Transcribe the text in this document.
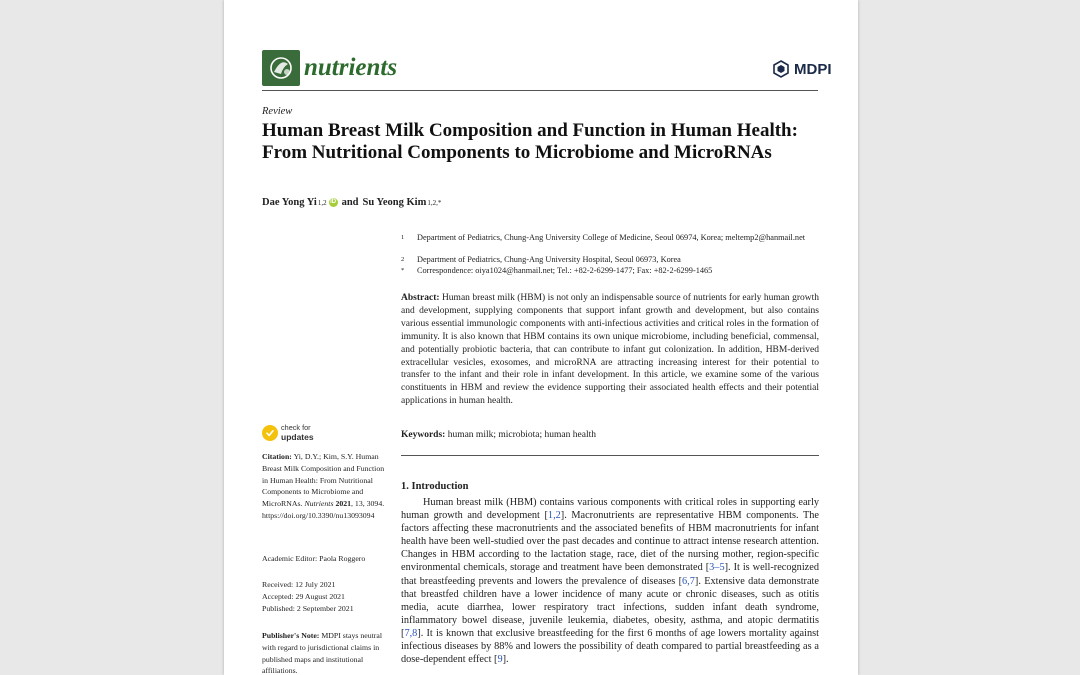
nutrients	MDPI
Review
Human Breast Milk Composition and Function in Human Health: From Nutritional Components to Microbiome and MicroRNAs
Dae Yong Yi 1,2 iD and Su Yeong Kim 1,2,*
1 Department of Pediatrics, Chung-Ang University College of Medicine, Seoul 06974, Korea; meltemp2@hanmail.net
2 Department of Pediatrics, Chung-Ang University Hospital, Seoul 06973, Korea
* Correspondence: oiya1024@hanmail.net; Tel.: +82-2-6299-1477; Fax: +82-2-6299-1465
Abstract: Human breast milk (HBM) is not only an indispensable source of nutrients for early human growth and development, supplying components that support infant growth and development, but also contains various essential immunologic components with anti-infectious activities and critical roles in the formation of immunity. It is also known that HBM contains its own unique microbiome, including beneficial, commensal, and potentially probiotic bacteria, that can contribute to infant gut colonization. In addition, HBM-derived extracellular vesicles, exosomes, and microRNA are attracting increasing interest for their potential to transfer to the infant and their role in infant development. In this article, we examine some of the various constituents in HBM and review the evidence supporting their associated health effects and their potential applications in human health.
Keywords: human milk; microbiota; human health
1. Introduction
Human breast milk (HBM) contains various components with critical roles in supporting early human growth and development [1,2]. Macronutrients are representative HBM components. The factors affecting these macronutrients and the associated benefits of HBM macronutrients for infant health have been well-studied over the past decades and continue to attract intense research attention. Changes in HBM according to the lactation stage, race, diet of the nursing mother, region-specific environmental chemicals, storage and treatment have been demonstrated [3–5]. It is well-recognized that breastfeeding prevents and lowers the prevalence of diseases [6,7]. Extensive data demonstrate that breastfed children have a lower incidence of many acute or chronic diseases, such as otitis media, acute diarrhea, lower respiratory tract infections, sudden infant death syndrome, inflammatory bowel disease, juvenile leukemia, diabetes, obesity, asthma, and atopic dermatitis [7,8]. It is known that exclusive breastfeeding for the first 6 months of age lowers mortality against infectious diseases by 88% and lowers the possibility of death compared to partial breastfeeding as a dose-dependent effect [9].
check for
updates
Citation: Yi, D.Y.; Kim, S.Y. Human Breast Milk Composition and Function in Human Health: From Nutritional Components to Microbiome and MicroRNAs. Nutrients 2021, 13, 3094. https://doi.org/10.3390/nu13093094
Academic Editor: Paola Roggero
Received: 12 July 2021
Accepted: 29 August 2021
Published: 2 September 2021
Publisher's Note: MDPI stays neutral with regard to jurisdictional claims in published maps and institutional affiliations.
